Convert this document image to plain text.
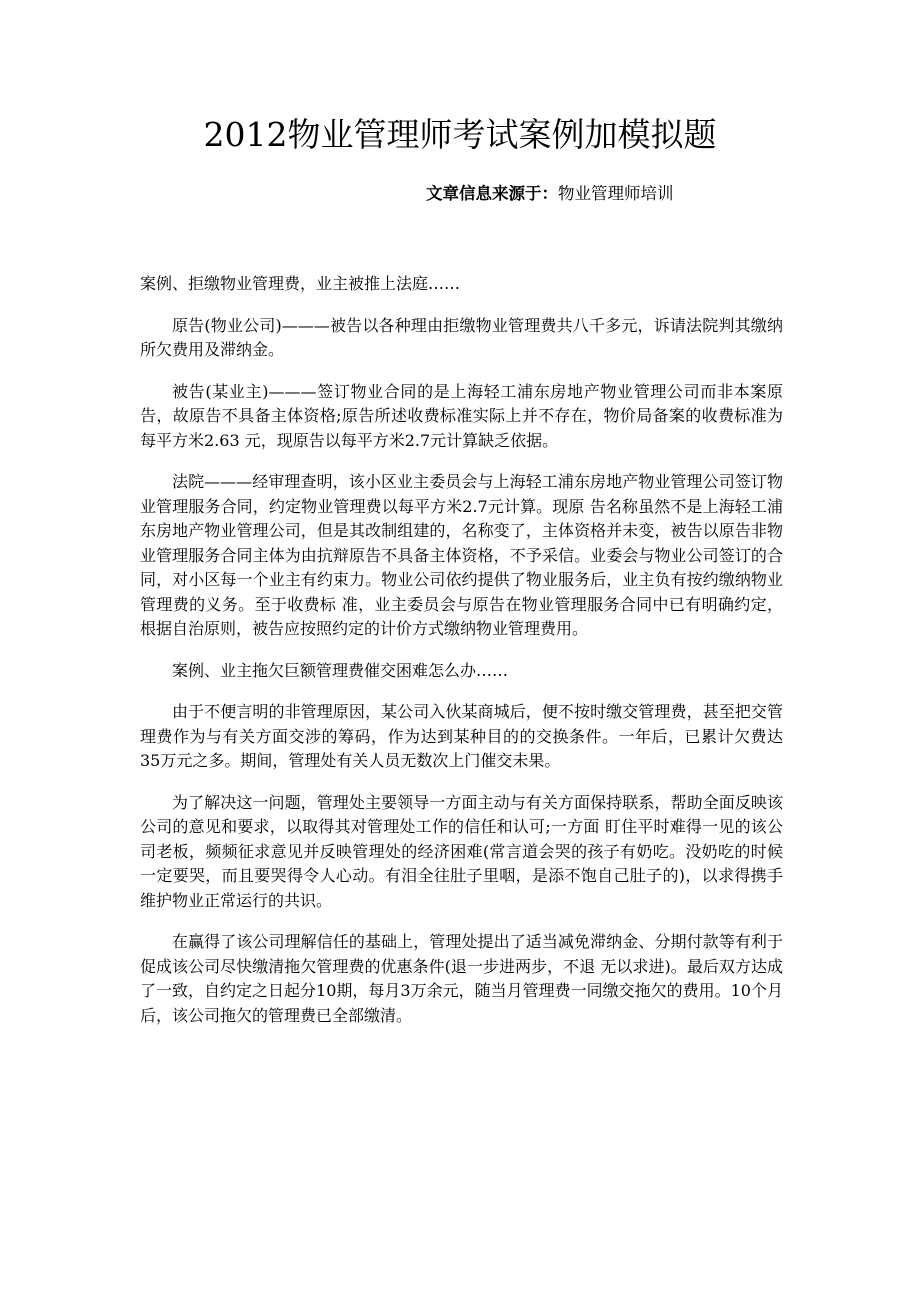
2012物业管理师考试案例加模拟题
文章信息来源于：物业管理师培训

案例、拒缴物业管理费，业主被推上法庭……

原告(物业公司)———被告以各种理由拒缴物业管理费共八千多元，诉请法院判其缴纳所欠费用及滞纳金。

被告(某业主)———签订物业合同的是上海轻工浦东房地产物业管理公司而非本案原告，故原告不具备主体资格;原告所述收费标准实际上并不存在，物价局备案的收费标准为每平方米2.63 元，现原告以每平方米2.7元计算缺乏依据。

法院———经审理查明，该小区业主委员会与上海轻工浦东房地产物业管理公司签订物业管理服务合同，约定物业管理费以每平方米2.7元计算。现原 告名称虽然不是上海轻工浦东房地产物业管理公司，但是其改制组建的，名称变了，主体资格并未变，被告以原告非物业管理服务合同主体为由抗辩原告不具备主体资格，不予采信。业委会与物业公司签订的合同，对小区每一个业主有约束力。物业公司依约提供了物业服务后，业主负有按约缴纳物业管理费的义务。至于收费标 准，业主委员会与原告在物业管理服务合同中已有明确约定，根据自治原则，被告应按照约定的计价方式缴纳物业管理费用。

案例、业主拖欠巨额管理费催交困难怎么办……

由于不便言明的非管理原因，某公司入伙某商城后，便不按时缴交管理费，甚至把交管理费作为与有关方面交涉的筹码，作为达到某种目的的交换条件。一年后，已累计欠费达35万元之多。期间，管理处有关人员无数次上门催交未果。

为了解决这一问题，管理处主要领导一方面主动与有关方面保持联系，帮助全面反映该公司的意见和要求，以取得其对管理处工作的信任和认可;一方面 盯住平时难得一见的该公司老板，频频征求意见并反映管理处的经济困难(常言道会哭的孩子有奶吃。没奶吃的时候一定要哭，而且要哭得令人心动。有泪全往肚子里咽，是添不饱自己肚子的)，以求得携手维护物业正常运行的共识。

在赢得了该公司理解信任的基础上，管理处提出了适当减免滞纳金、分期付款等有利于促成该公司尽快缴清拖欠管理费的优惠条件(退一步进两步，不退 无以求进)。最后双方达成了一致，自约定之日起分10期，每月3万余元，随当月管理费一同缴交拖欠的费用。10个月后，该公司拖欠的管理费已全部缴清。
